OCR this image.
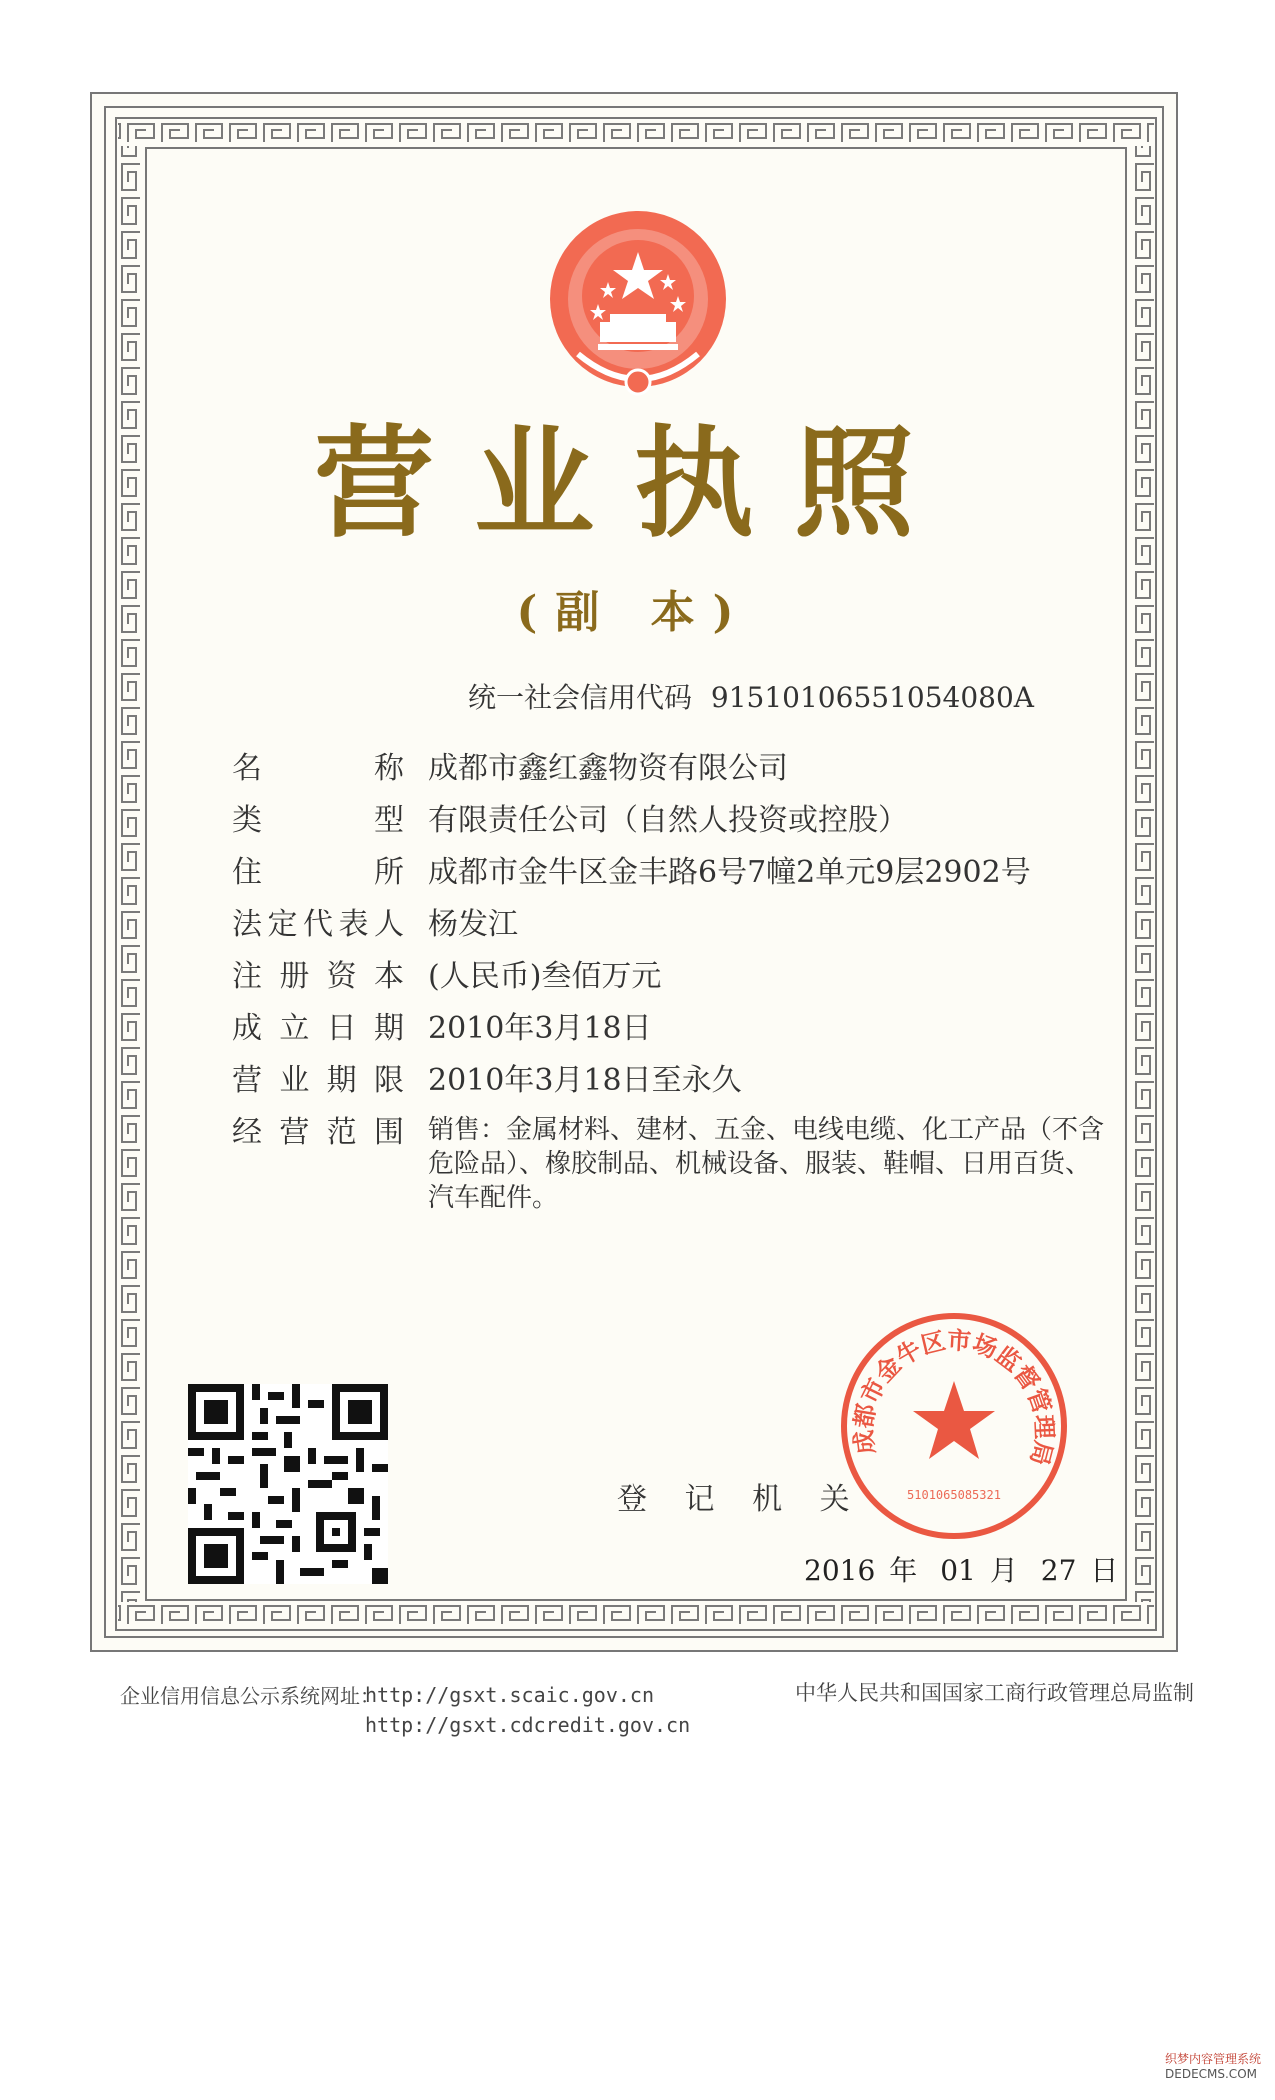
营业执照
(副 本)
统一社会信用代码 91510106551054080A
名称 成都市鑫红鑫物资有限公司
类型 有限责任公司（自然人投资或控股）
住所 成都市金牛区金丰路6号7幢2单元9层2902号
法定代表人 杨发江
注册资本 (人民币)叁佰万元
成立日期 2010年3月18日
营业期限 2010年3月18日至永久
经营范围 销售：金属材料、建材、五金、电线电缆、化工产品（不含危险品）、橡胶制品、机械设备、服装、鞋帽、日用百货、汽车配件。
登 记 机 关
成都市金牛区市场监督管理局
5101065085321
2016 年 01 月 27 日
企业信用信息公示系统网址：
http://gsxt.scaic.gov.cn
http://gsxt.cdcredit.gov.cn
中华人民共和国国家工商行政管理总局监制
织梦内容管理系统
DEDECMS.COM
